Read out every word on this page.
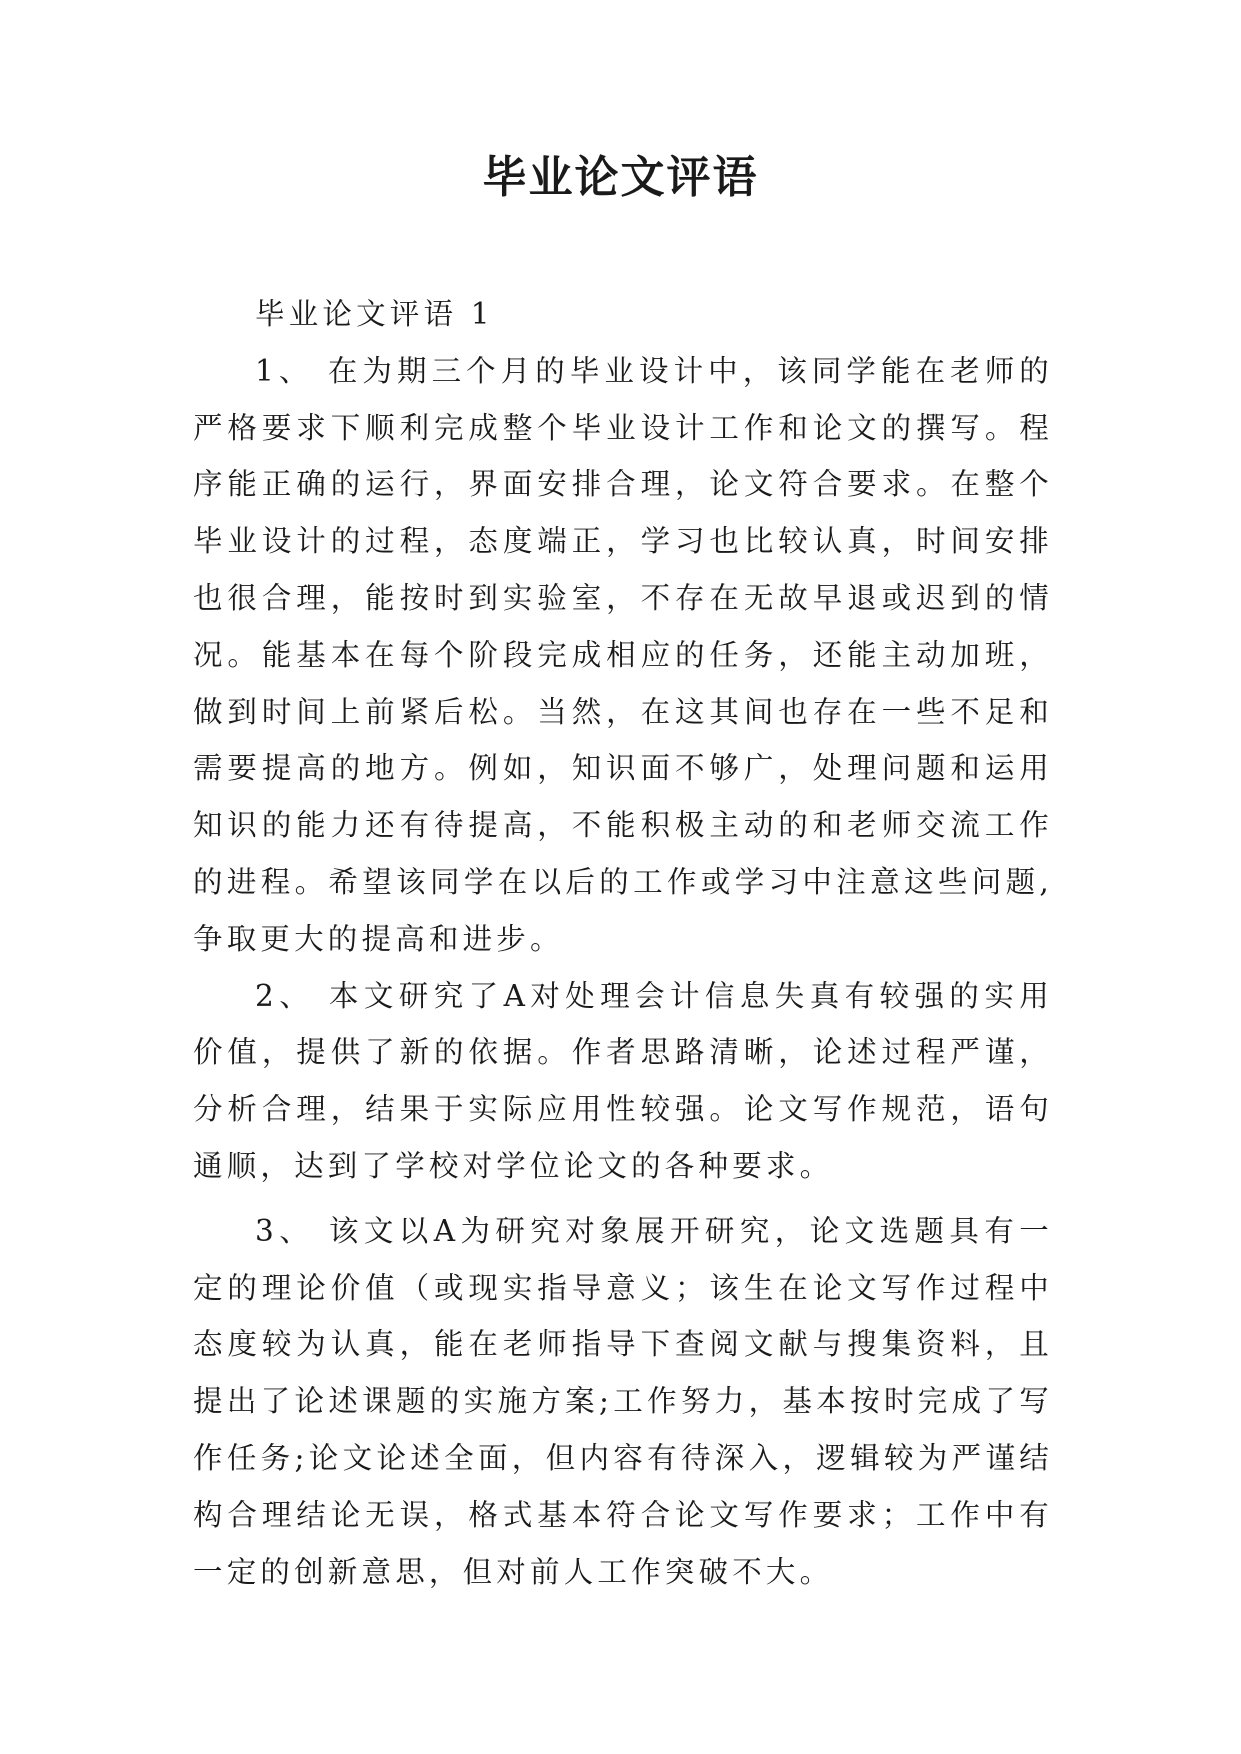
毕业论文评语

毕业论文评语 1

1、 在为期三个月的毕业设计中，该同学能在老师的严格要求下顺利完成整个毕业设计工作和论文的撰写。程序能正确的运行，界面安排合理，论文符合要求。在整个毕业设计的过程，态度端正，学习也比较认真，时间安排也很合理，能按时到实验室，不存在无故早退或迟到的情况。能基本在每个阶段完成相应的任务，还能主动加班，做到时间上前紧后松。当然，在这其间也存在一些不足和需要提高的地方。例如，知识面不够广，处理问题和运用知识的能力还有待提高，不能积极主动的和老师交流工作的进程。希望该同学在以后的工作或学习中注意这些问题,争取更大的提高和进步。

2、 本文研究了A对处理会计信息失真有较强的实用价值，提供了新的依据。作者思路清晰，论述过程严谨，分析合理，结果于实际应用性较强。论文写作规范，语句通顺，达到了学校对学位论文的各种要求。

3、 该文以A为研究对象展开研究，论文选题具有一定的理论价值（或现实指导意义；该生在论文写作过程中态度较为认真，能在老师指导下查阅文献与搜集资料，且提出了论述课题的实施方案;工作努力，基本按时完成了写作任务;论文论述全面，但内容有待深入，逻辑较为严谨结构合理结论无误，格式基本符合论文写作要求；工作中有一定的创新意思，但对前人工作突破不大。
